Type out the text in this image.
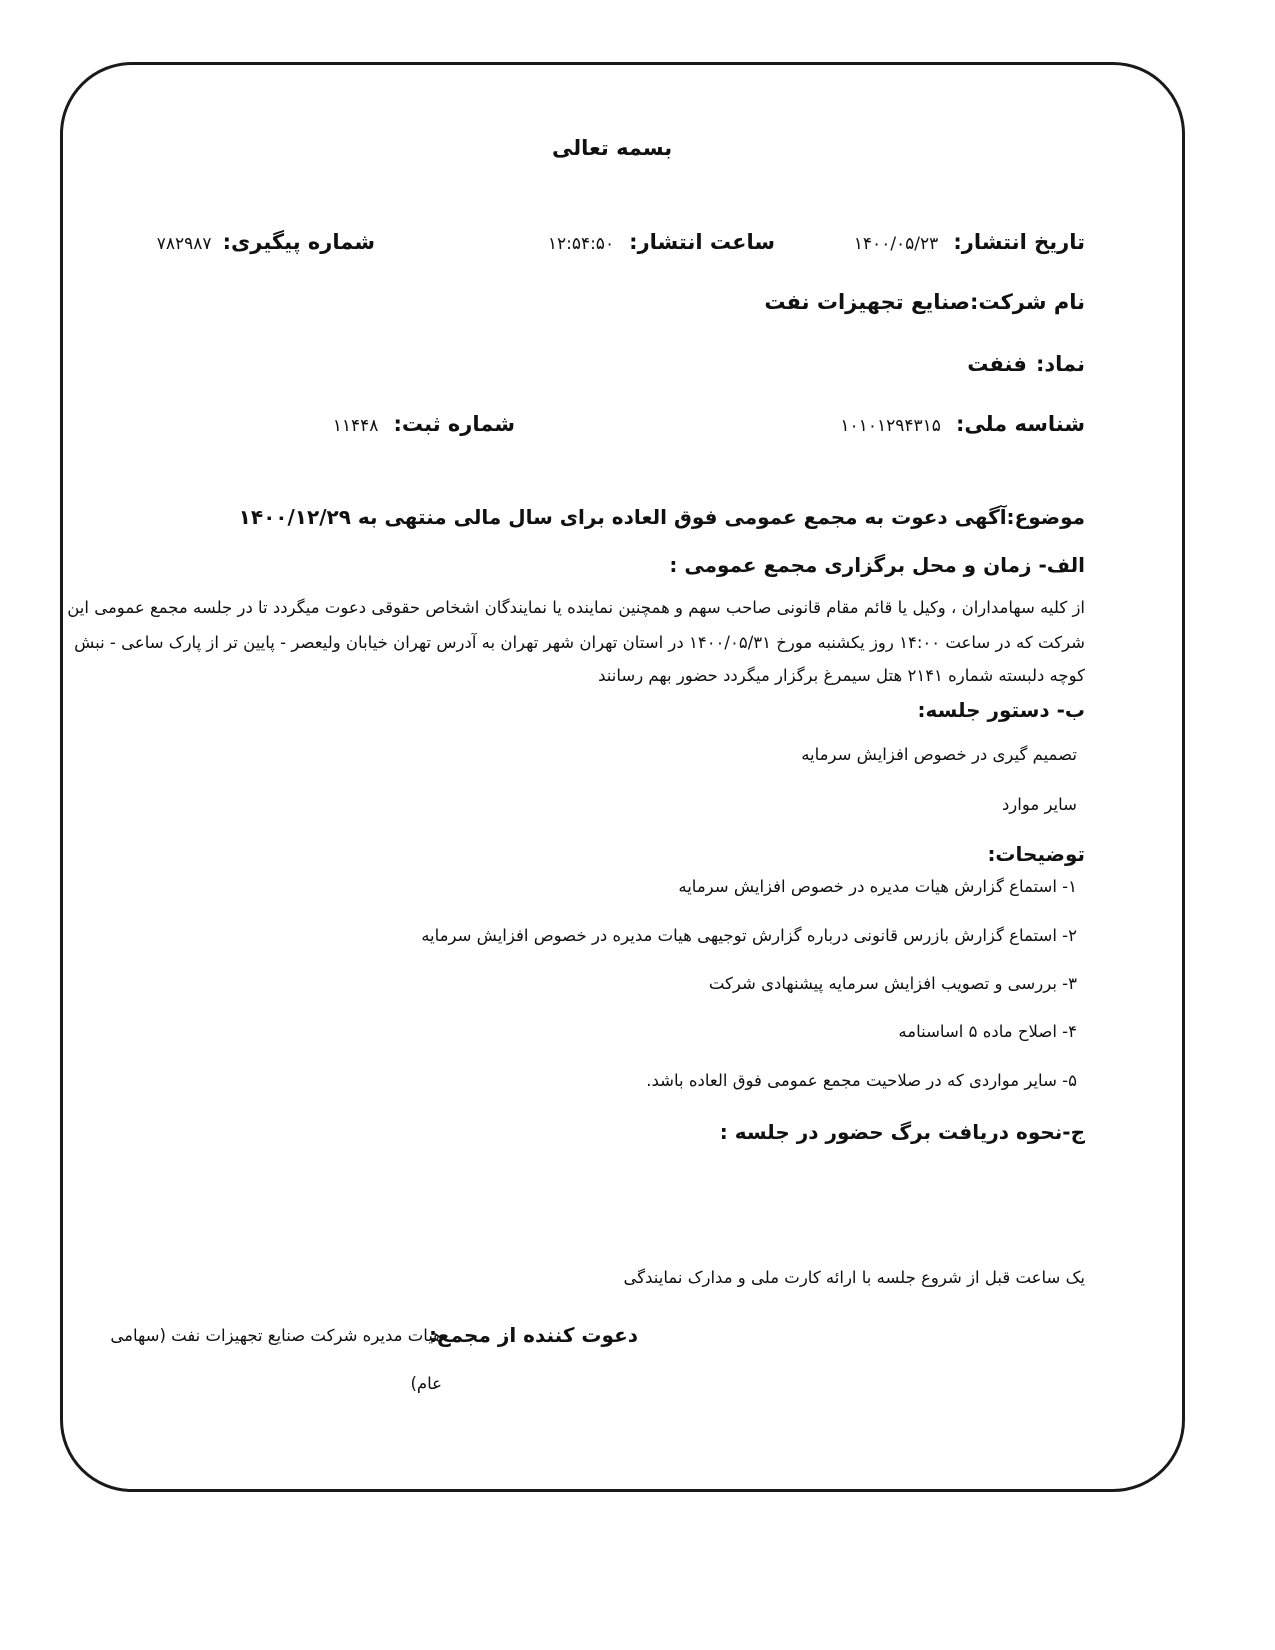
بسمه تعالی
تاریخ انتشار: ۱۴۰۰/۰۵/۲۳
ساعت انتشار: ۱۲:۵۴:۵۰
شماره پیگیری: ۷۸۲۹۸۷
نام شرکت:صنایع تجهیزات نفت
نماد: فنفت
شناسه ملی: ۱۰۱۰۱۲۹۴۳۱۵
شماره ثبت: ۱۱۴۴۸
موضوع:آگهی دعوت به مجمع عمومی فوق العاده برای سال مالی منتهی به ۱۴۰۰/۱۲/۲۹
الف- زمان و محل برگزاری مجمع عمومی :
از کلیه سهامداران ، وکیل یا قائم مقام قانونی صاحب سهم و همچنین نماینده یا نمایندگان اشخاص حقوقی دعوت میگردد تا در جلسه مجمع عمومی این
شرکت که در ساعت ۱۴:۰۰ روز یکشنبه مورخ ۱۴۰۰/۰۵/۳۱ در استان تهران شهر تهران به آدرس تهران خیابان ولیعصر - پایین تر از پارک ساعی - نبش
کوچه دلبسته شماره ۲۱۴۱ هتل سیمرغ برگزار میگردد حضور بهم رسانند
ب- دستور جلسه:
تصمیم گیری در خصوص افزایش سرمایه
سایر موارد
توضیحات:
۱- استماع گزارش هیات مدیره در خصوص افزایش سرمایه
۲- استماع گزارش بازرس قانونی درباره گزارش توجیهی هیات مدیره در خصوص افزایش سرمایه
۳- بررسی و تصویب افزایش سرمایه پیشنهادی شرکت
۴- اصلاح ماده ۵ اساسنامه
۵- سایر مواردی که در صلاحیت مجمع عمومی فوق العاده باشد.
ج-نحوه دریافت برگ حضور در جلسه :
یک ساعت قبل از شروع جلسه با ارائه کارت ملی و مدارک نمایندگی
دعوت کننده از مجمع:
هیات مدیره شرکت صنایع تجهیزات نفت (سهامی
عام)
